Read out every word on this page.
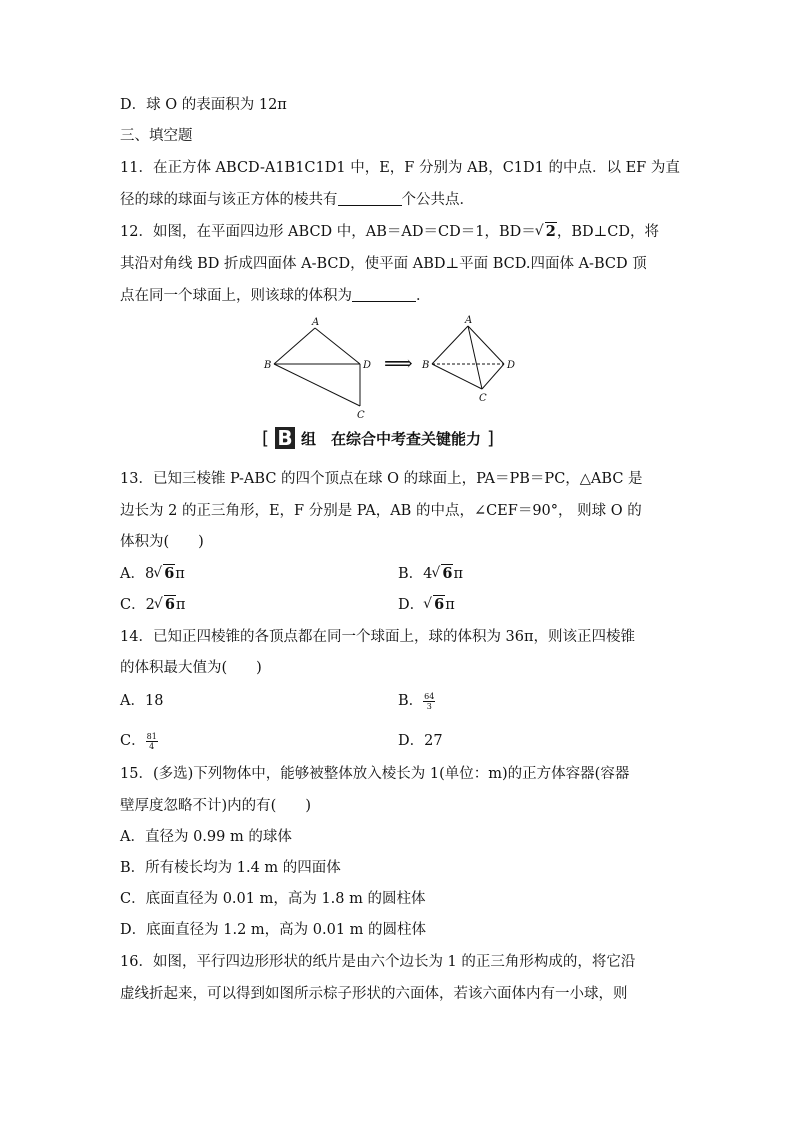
D．球 O 的表面积为 12π
三、填空题
11．在正方体 ABCD-A1B1C1D1 中，E，F 分别为 AB，C1D1 的中点．以 EF 为直
径的球的球面与该正方体的棱共有	个公共点．
12．如图，在平面四边形 ABCD 中，AB＝AD＝CD＝1，BD＝ √ 2，BD⊥CD，将
其沿对角线 BD 折成四面体 A-BCD，使平面 ABD⊥平面 BCD.四面体 A-BCD 顶
点在同一个球面上，则该球的体积为	．
A
B	D
C
⟹
A
B	D
C
[ B 组　在综合中考查关键能力 ]
13．已知三棱锥 P-ABC 的四个顶点在球 O 的球面上，PA＝PB＝PC，△ABC 是
边长为 2 的正三角形，E，F 分别是 PA，AB 的中点，∠CEF＝90°， 则球 O 的
体积为(　　)
A．8 √ 6π	B．4 √ 6π
C．2 √ 6π	D． √ 6π
14．已知正四棱锥的各顶点都在同一个球面上，球的体积为 36π，则该正四棱锥
的体积最大值为(　　)
A．18	B． $\frac{64}{3}$
C． $\frac{81}{4}$	D．27
15．(多选)下列物体中，能够被整体放入棱长为 1(单位：m)的正方体容器(容器
壁厚度忽略不计)内的有(　　)
A．直径为 0.99 m 的球体
B．所有棱长均为 1.4 m 的四面体
C．底面直径为 0.01 m，高为 1.8 m 的圆柱体
D．底面直径为 1.2 m，高为 0.01 m 的圆柱体
16．如图，平行四边形形状的纸片是由六个边长为 1 的正三角形构成的，将它沿
虚线折起来，可以得到如图所示棕子形状的六面体，若该六面体内有一小球，则
